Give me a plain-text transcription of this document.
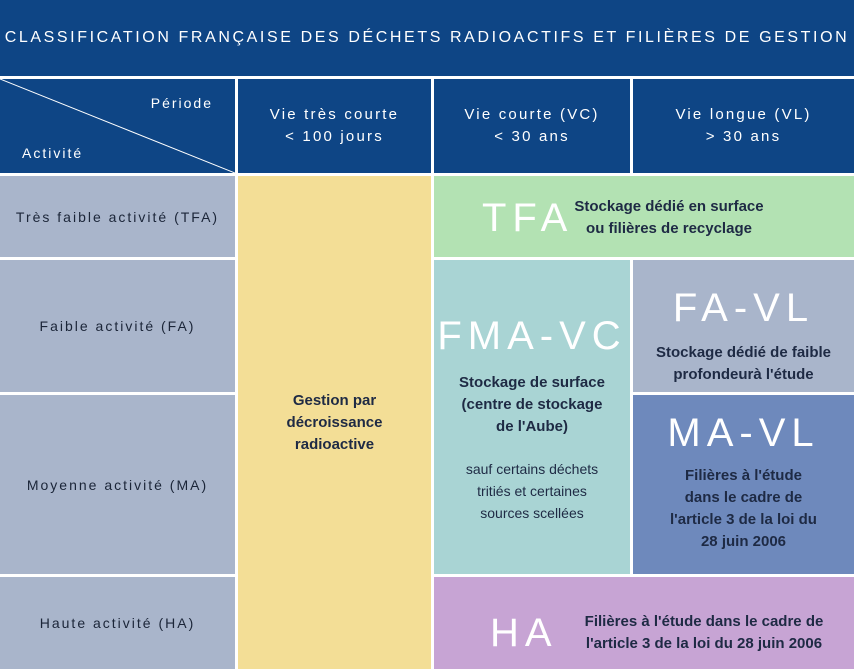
CLASSIFICATION FRANÇAISE DES DÉCHETS RADIOACTIFS ET FILIÈRES DE GESTION
Période
Activité
Vie très courte
< 100 jours
Vie courte (VC)
< 30 ans
Vie longue (VL)
> 30 ans
Très faible activité (TFA)
Faible activité (FA)
Moyenne activité (MA)
Haute activité (HA)
Gestion par
décroissance
radioactive
TFA Stockage dédié en surface
ou filières de recyclage
FMA-VC
Stockage de surface
(centre de stockage
de l'Aube)
sauf certains déchets
tritiés et certaines
sources scellées
FA-VL
Stockage dédié de faible
profondeurà l'étude
MA-VL
Filières à l'étude
dans le cadre de
l'article 3 de la loi du
28 juin 2006
HA Filières à l'étude dans le cadre de
l'article 3 de la loi du 28 juin 2006
